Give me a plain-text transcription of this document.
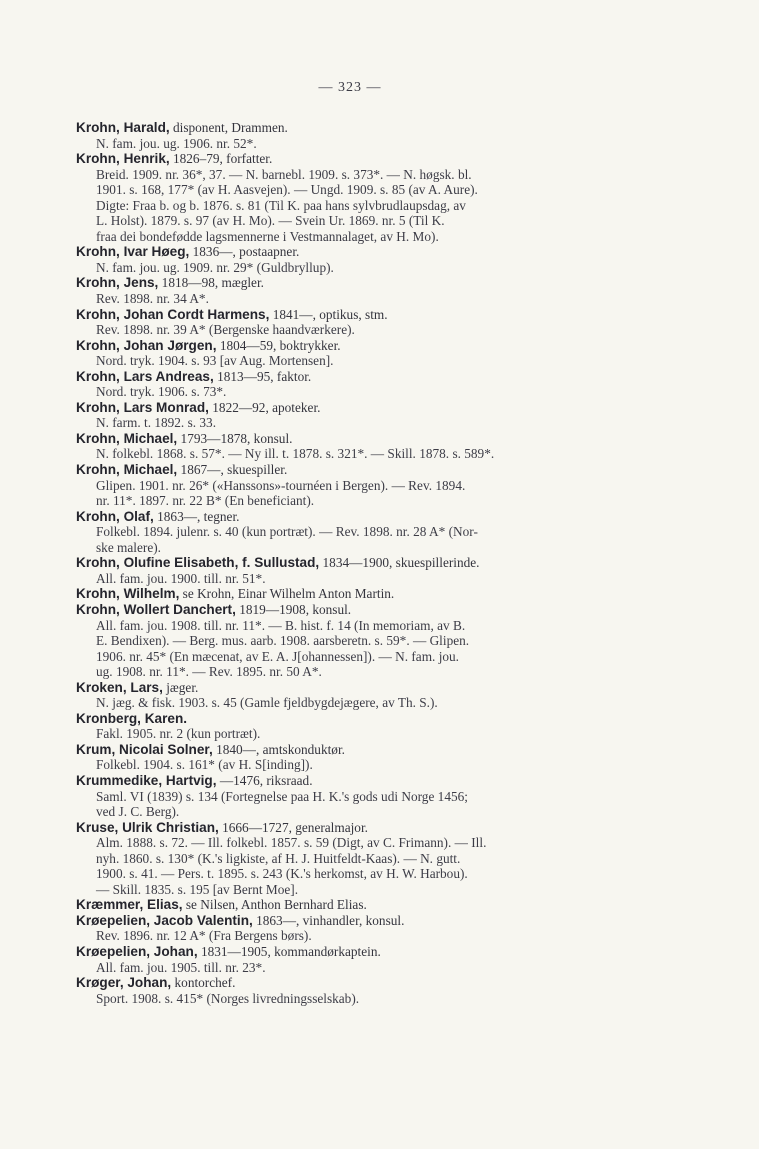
— 323 —
Krohn, Harald, disponent, Drammen.
N. fam. jou. ug. 1906. nr. 52*.
Krohn, Henrik, 1826–79, forfatter.
Breid. 1909. nr. 36*, 37. — N. barnebl. 1909. s. 373*. — N. høgsk. bl.
1901. s. 168, 177* (av H. Aasvejen). — Ungd. 1909. s. 85 (av A. Aure).
Digte: Fraa b. og b. 1876. s. 81 (Til K. paa hans sylvbrudlaupsdag, av
L. Holst). 1879. s. 97 (av H. Mo). — Svein Ur. 1869. nr. 5 (Til K.
fraa dei bondefødde lagsmennerne i Vestmannalaget, av H. Mo).
Krohn, Ivar Høeg, 1836—, postaapner.
N. fam. jou. ug. 1909. nr. 29* (Guldbryllup).
Krohn, Jens, 1818—98, mægler.
Rev. 1898. nr. 34 A*.
Krohn, Johan Cordt Harmens, 1841—, optikus, stm.
Rev. 1898. nr. 39 A* (Bergenske haandværkere).
Krohn, Johan Jørgen, 1804—59, boktrykker.
Nord. tryk. 1904. s. 93 [av Aug. Mortensen].
Krohn, Lars Andreas, 1813—95, faktor.
Nord. tryk. 1906. s. 73*.
Krohn, Lars Monrad, 1822—92, apoteker.
N. farm. t. 1892. s. 33.
Krohn, Michael, 1793—1878, konsul.
N. folkebl. 1868. s. 57*. — Ny ill. t. 1878. s. 321*. — Skill. 1878. s. 589*.
Krohn, Michael, 1867—, skuespiller.
Glipen. 1901. nr. 26* («Hanssons»-tournéen i Bergen). — Rev. 1894.
nr. 11*. 1897. nr. 22 B* (En beneficiant).
Krohn, Olaf, 1863—, tegner.
Folkebl. 1894. julenr. s. 40 (kun portræt). — Rev. 1898. nr. 28 A* (Nor-
ske malere).
Krohn, Olufine Elisabeth, f. Sullustad, 1834—1900, skuespillerinde.
All. fam. jou. 1900. till. nr. 51*.
Krohn, Wilhelm, se Krohn, Einar Wilhelm Anton Martin.
Krohn, Wollert Danchert, 1819—1908, konsul.
All. fam. jou. 1908. till. nr. 11*. — B. hist. f. 14 (In memoriam, av B.
E. Bendixen). — Berg. mus. aarb. 1908. aarsberetn. s. 59*. — Glipen.
1906. nr. 45* (En mæcenat, av E. A. J[ohannessen]). — N. fam. jou.
ug. 1908. nr. 11*. — Rev. 1895. nr. 50 A*.
Kroken, Lars, jæger.
N. jæg. & fisk. 1903. s. 45 (Gamle fjeldbygdejægere, av Th. S.).
Kronberg, Karen.
Fakl. 1905. nr. 2 (kun portræt).
Krum, Nicolai Solner, 1840—, amtskonduktør.
Folkebl. 1904. s. 161* (av H. S[inding]).
Krummedike, Hartvig, —1476, riksraad.
Saml. VI (1839) s. 134 (Fortegnelse paa H. K.'s gods udi Norge 1456;
ved J. C. Berg).
Kruse, Ulrik Christian, 1666—1727, generalmajor.
Alm. 1888. s. 72. — Ill. folkebl. 1857. s. 59 (Digt, av C. Frimann). — Ill.
nyh. 1860. s. 130* (K.'s ligkiste, af H. J. Huitfeldt-Kaas). — N. gutt.
1900. s. 41. — Pers. t. 1895. s. 243 (K.'s herkomst, av H. W. Harbou).
— Skill. 1835. s. 195 [av Bernt Moe].
Kræmmer, Elias, se Nilsen, Anthon Bernhard Elias.
Krøepelien, Jacob Valentin, 1863—, vinhandler, konsul.
Rev. 1896. nr. 12 A* (Fra Bergens børs).
Krøepelien, Johan, 1831—1905, kommandørkaptein.
All. fam. jou. 1905. till. nr. 23*.
Krøger, Johan, kontorchef.
Sport. 1908. s. 415* (Norges livredningsselskab).
